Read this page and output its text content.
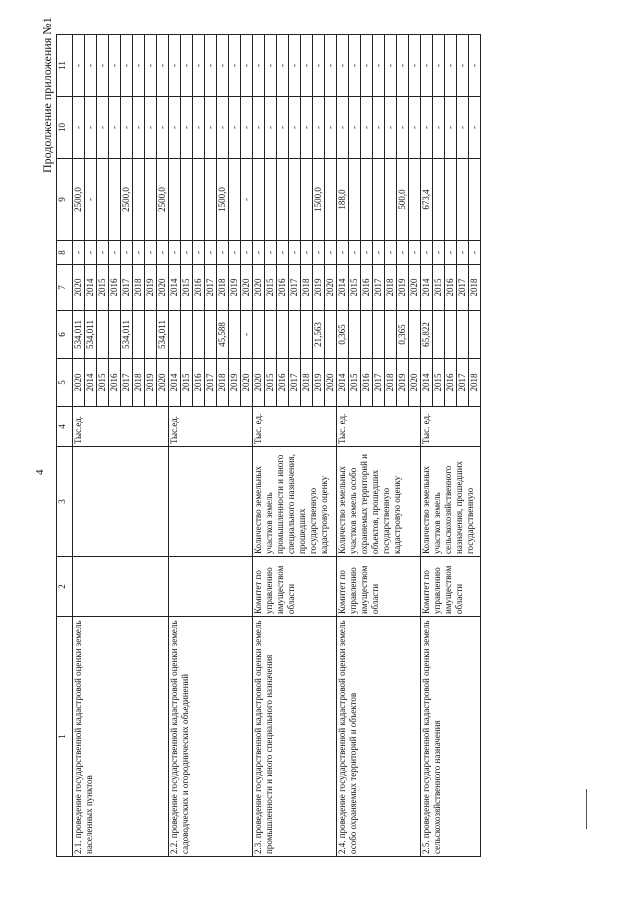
4
Продолжение приложения №1
1	2	3	4	5	6	7	8	9	10	11
2.1. проведение государственной кадастровой оценки земель населенных пунктов			Тыс.ед.	2020	534,011	2020	-	2500,0	-	-
				2014	534,011	2014	-	-	-	-
				2015		2015	-		-	-
				2016		2016	-		-	-
				2017	534,011	2017	-	2500,0	-	-
				2018		2018	-		-	-
				2019		2019	-		-	-
				2020	534,011	2020	-	2500,0	-	-
2.2. проведение государственной кадастровой оценки земель садоводческих и огороднических объединений			Тыс.ед.	2014		2014	-		-	-
				2015		2015	-		-	-
				2016		2016	-		-	-
				2017		2017	-		-	-
				2018	45,588	2018	-	1500,0	-	-
				2019		2019	-		-	-
				2020	-	2020	-	-	-	-
2.3. проведение государственной кадастровой оценки земель промышленности и иного специального назначения	Комитет по управлению имуществом области	Количество земельных участков земель промышленности и иного специального назначения, прошедших государственную кадастровую оценку	Тыс. ед.	2020		2020	-		-	-
				2015		2015	-		-	-
				2016		2016	-		-	-
				2017		2017	-		-	-
				2018		2018	-		-	-
				2019	21,563	2019	-	1500,0	-	-
				2020		2020	-		-	-
2.4. проведение государственной кадастровой оценки земель особо охраняемых территорий и объектов	Комитет по управлению имуществом области	Количество земельных участков земель особо охраняемых территорий и объектов, прошедших государственную кадастровую оценку	Тыс. ед.	2014	0,365	2014	-	188,0	-	-
				2015		2015	-		-	-
				2016		2016	-		-	-
				2017		2017	-		-	-
				2018		2018	-		-	-
				2019	0,365	2019	-	500,0	-	-
				2020		2020	-		-	-
2.5. проведение государственной кадастровой оценки земель сельскохозяйственного назначения	Комитет по управлению имуществом области	Количество земельных участков земель сельскохозяйственного назначения, прошедших государственную	Тыс. ед.	2014	65,822	2014	-	673,4	-	-
				2015		2015	-		-	-
				2016		2016	-		-	-
				2017		2017	-		-	-
				2018		2018	-		-	-
